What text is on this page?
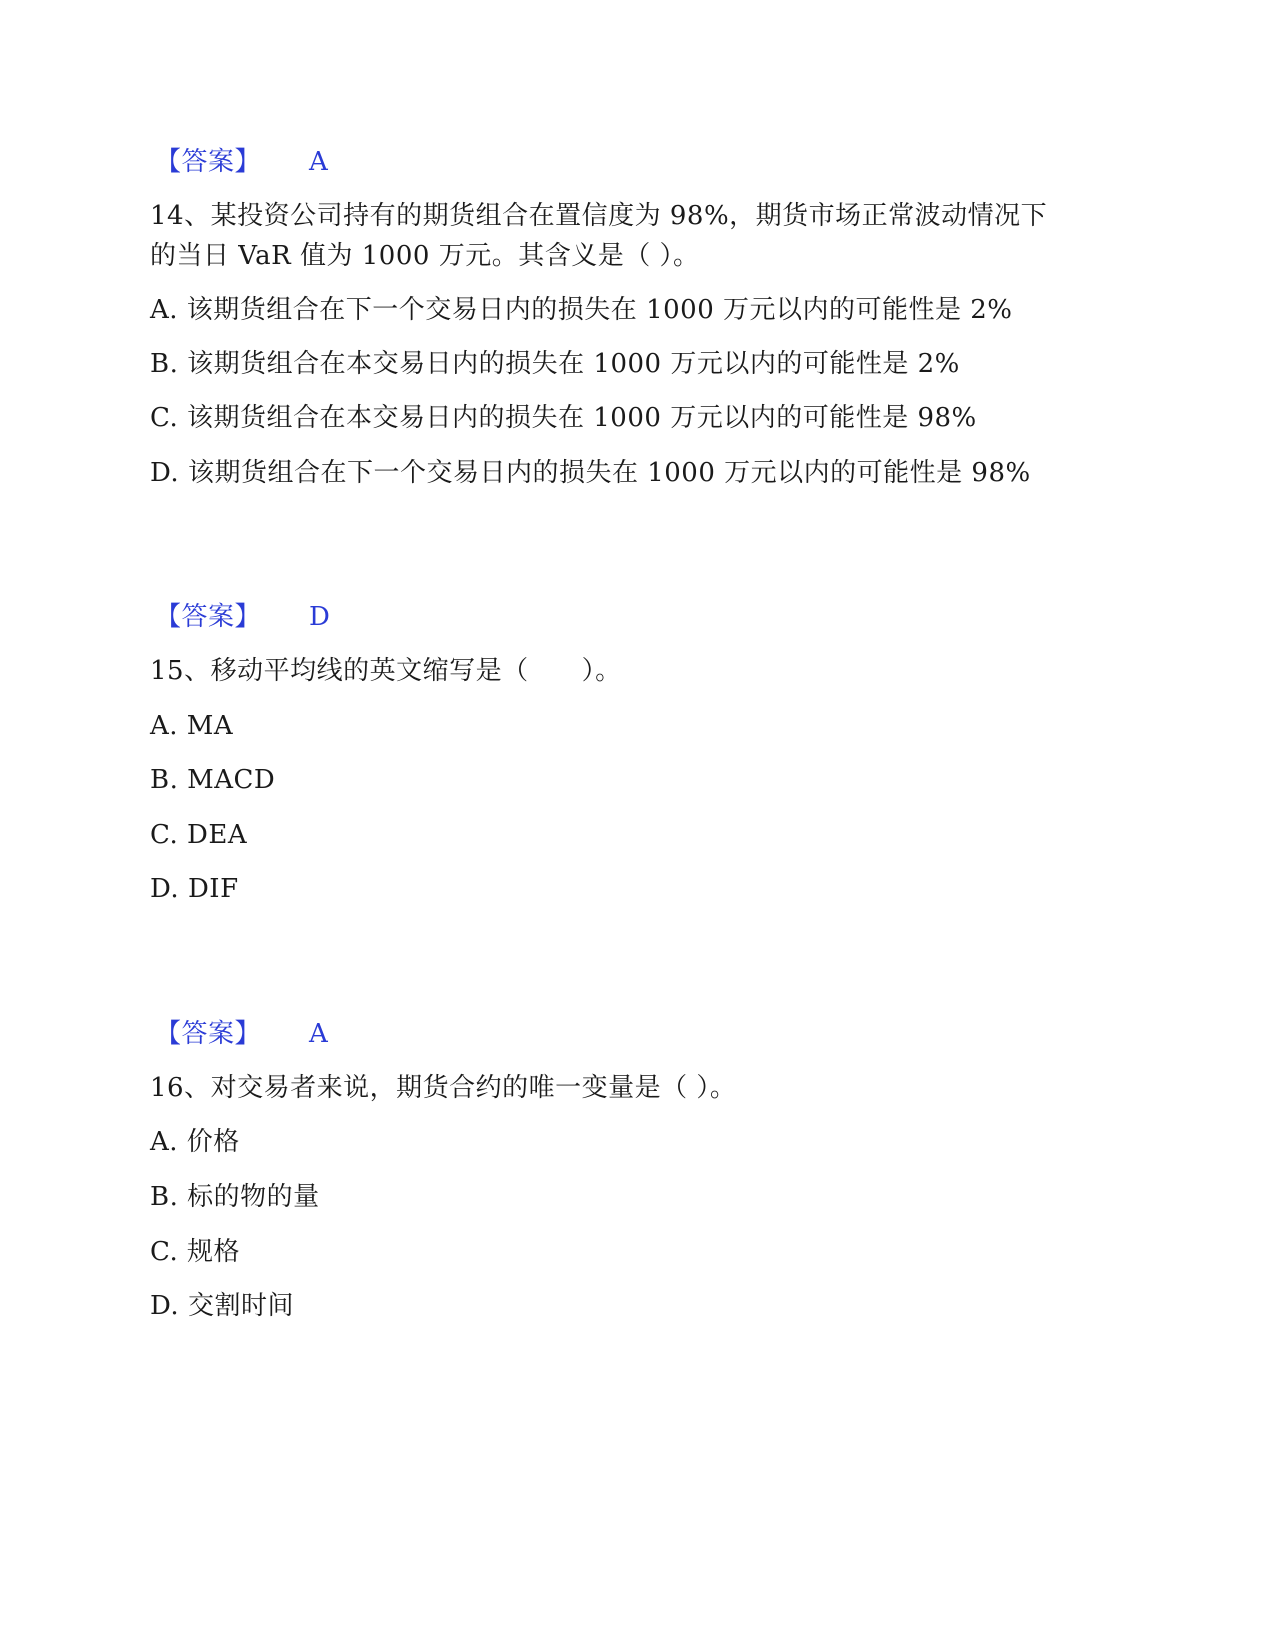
【答案】 A
14、某投资公司持有的期货组合在置信度为 98%，期货市场正常波动情况下
的当日 VaR 值为 1000 万元。其含义是（ ）。
A. 该期货组合在下一个交易日内的损失在 1000 万元以内的可能性是 2%
B. 该期货组合在本交易日内的损失在 1000 万元以内的可能性是 2%
C. 该期货组合在本交易日内的损失在 1000 万元以内的可能性是 98%
D. 该期货组合在下一个交易日内的损失在 1000 万元以内的可能性是 98%
【答案】 D
15、移动平均线的英文缩写是（　　）。
A. MA
B. MACD
C. DEA
D. DIF
【答案】 A
16、对交易者来说，期货合约的唯一变量是（ ）。
A. 价格
B. 标的物的量
C. 规格
D. 交割时间
